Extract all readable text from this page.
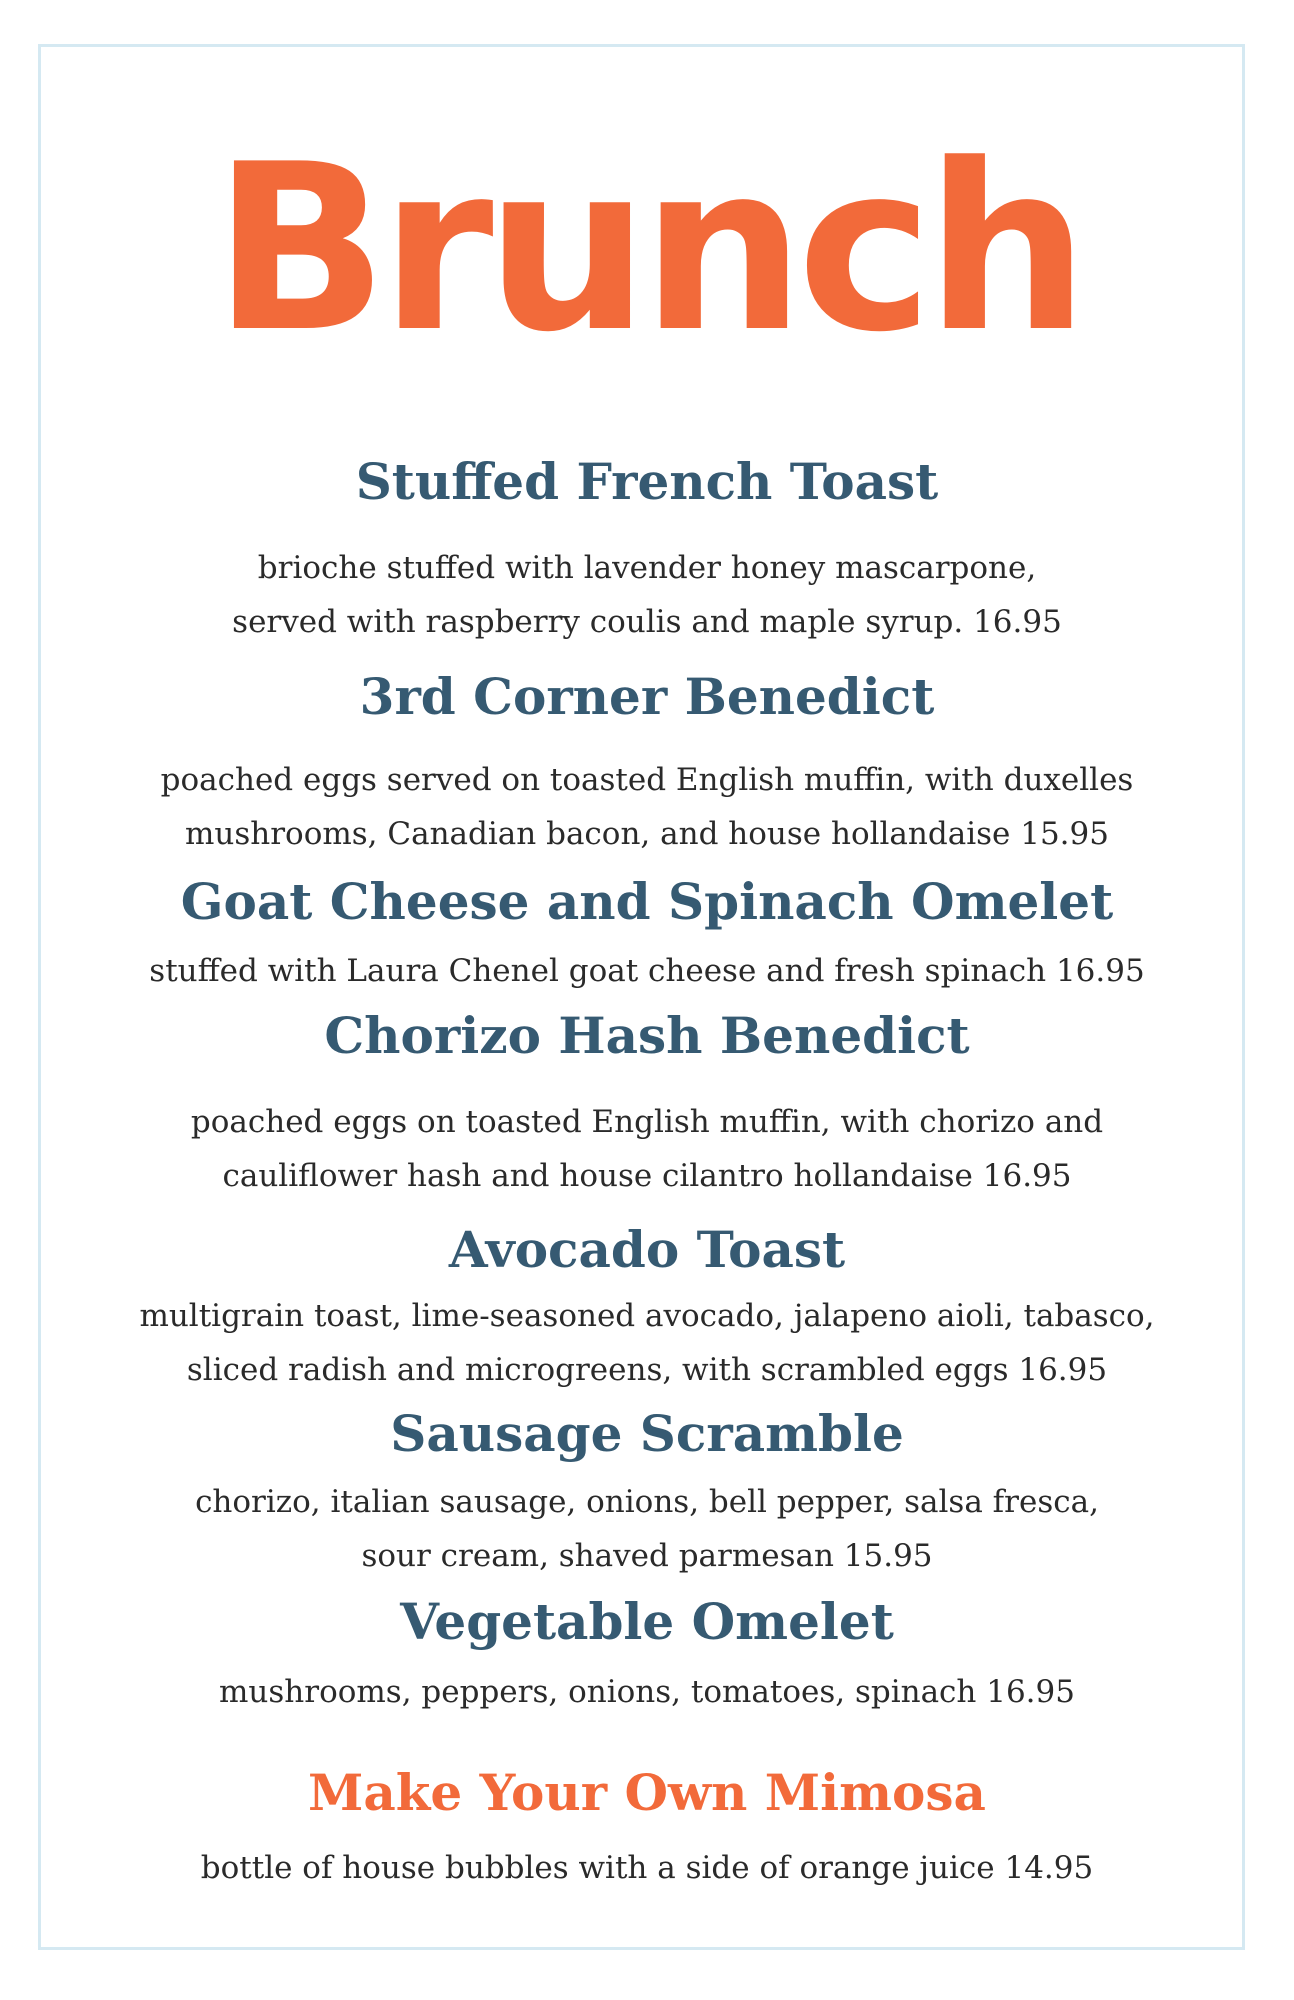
Brunch
Stuffed French Toast

brioche stuffed with lavender honey mascarpone,

served with raspberry coulis and maple syrup. 16.95

3rd Corner Benedict

poached eggs served on toasted English muffin, with duxelles

mushrooms, Canadian bacon, and house hollandaise 15.95

Goat Cheese and Spinach Omelet

stuffed with Laura Chenel goat cheese and fresh spinach 16.95

Chorizo Hash Benedict

poached eggs on toasted English muffin, with chorizo and

cauliflower hash and house cilantro hollandaise 16.95

Avocado Toast

multigrain toast, lime-seasoned avocado, jalapeno aioli, tabasco,

sliced radish and microgreens, with scrambled eggs 16.95

Sausage Scramble

chorizo, italian sausage, onions, bell pepper, salsa fresca,

sour cream, shaved parmesan 15.95

Vegetable Omelet

mushrooms, peppers, onions, tomatoes, spinach 16.95

Make Your Own Mimosa

bottle of house bubbles with a side of orange juice 14.95
